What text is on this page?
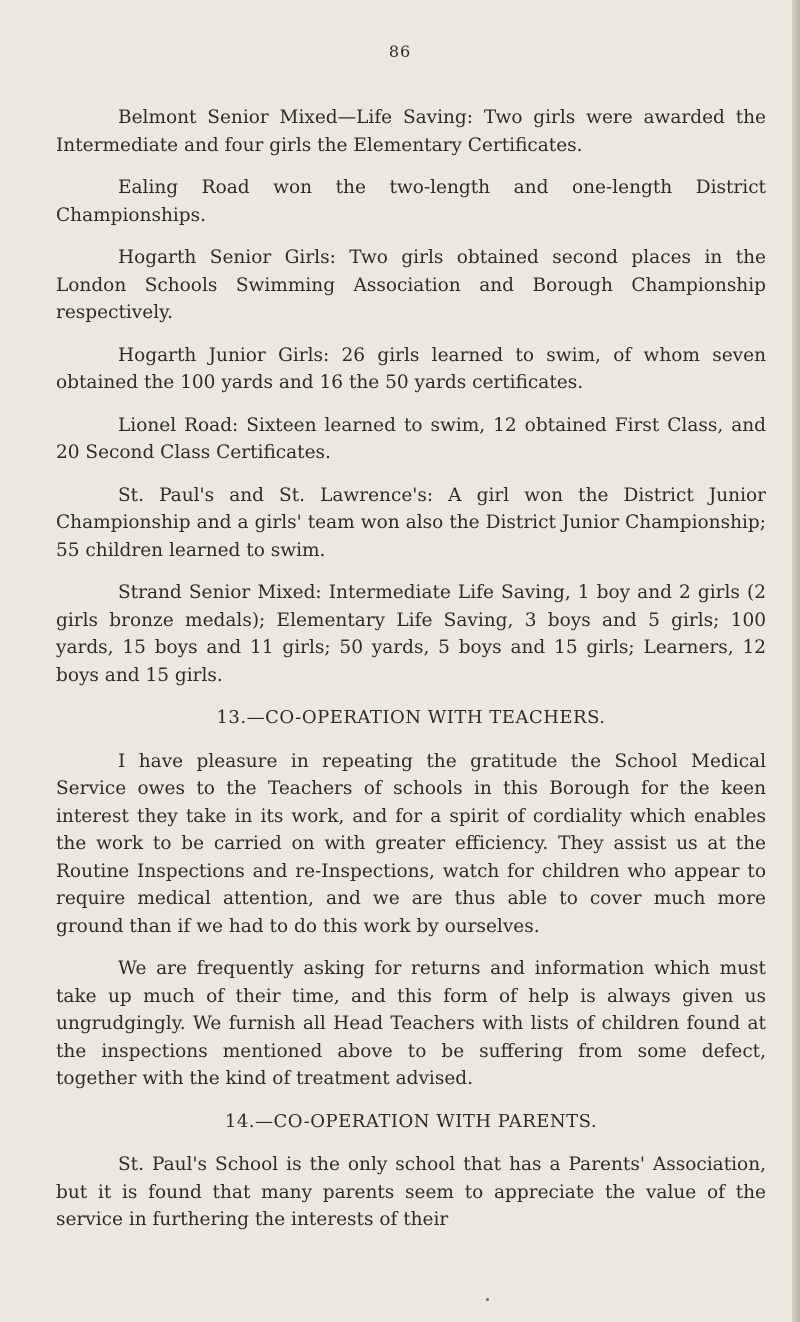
86

Belmont Senior Mixed—Life Saving: Two girls were awarded the Intermediate and four girls the Elementary Certificates.

Ealing Road won the two-length and one-length District Championships.

Hogarth Senior Girls: Two girls obtained second places in the London Schools Swimming Association and Borough Championship respectively.

Hogarth Junior Girls: 26 girls learned to swim, of whom seven obtained the 100 yards and 16 the 50 yards certificates.

Lionel Road: Sixteen learned to swim, 12 obtained First Class, and 20 Second Class Certificates.

St. Paul's and St. Lawrence's: A girl won the District Junior Championship and a girls' team won also the District Junior Championship; 55 children learned to swim.

Strand Senior Mixed: Intermediate Life Saving, 1 boy and 2 girls (2 girls bronze medals); Elementary Life Saving, 3 boys and 5 girls; 100 yards, 15 boys and 11 girls; 50 yards, 5 boys and 15 girls; Learners, 12 boys and 15 girls.

13.—CO-OPERATION WITH TEACHERS.

I have pleasure in repeating the gratitude the School Medical Service owes to the Teachers of schools in this Borough for the keen interest they take in its work, and for a spirit of cordiality which enables the work to be carried on with greater efficiency. They assist us at the Routine Inspections and re-Inspections, watch for children who appear to require medical attention, and we are thus able to cover much more ground than if we had to do this work by ourselves.

We are frequently asking for returns and information which must take up much of their time, and this form of help is always given us ungrudgingly. We furnish all Head Teachers with lists of children found at the inspections mentioned above to be suffering from some defect, together with the kind of treatment advised.

14.—CO-OPERATION WITH PARENTS.

St. Paul's School is the only school that has a Parents' Association, but it is found that many parents seem to appreciate the value of the service in furthering the interests of their
